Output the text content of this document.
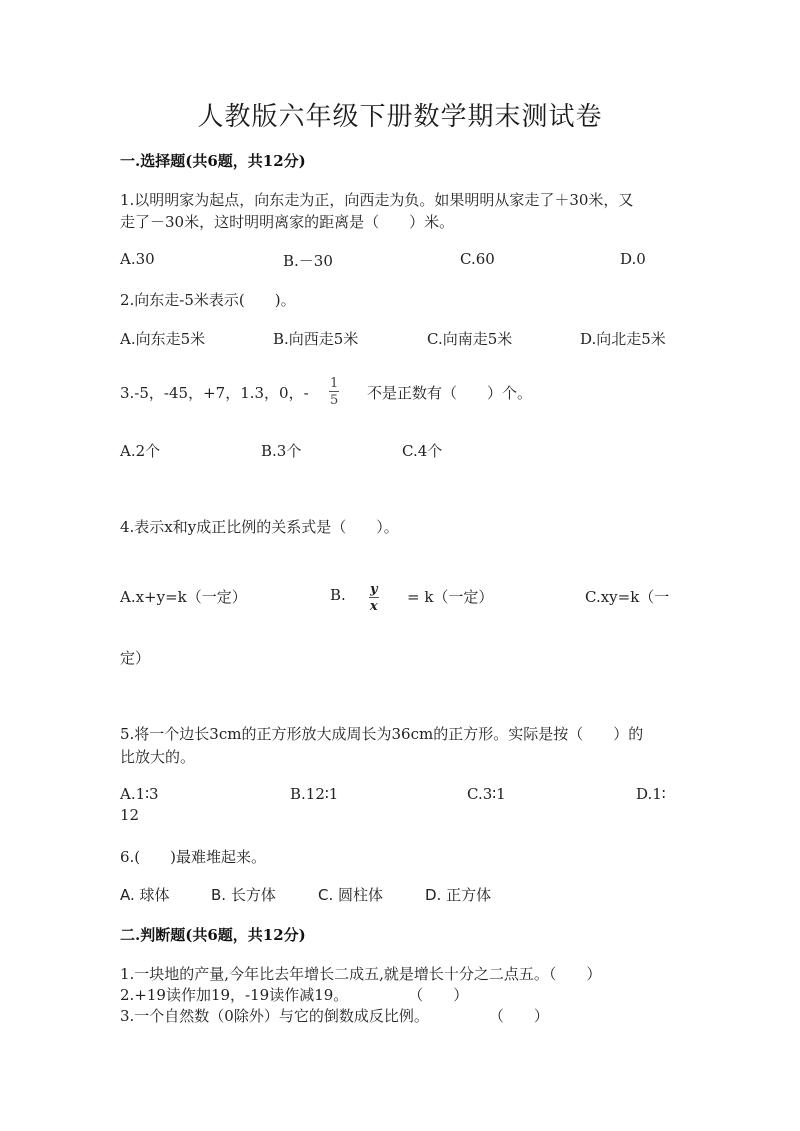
人教版六年级下册数学期末测试卷
一.选择题(共6题，共12分)
1.以明明家为起点，向东走为正，向西走为负。如果明明从家走了＋30米，又
走了－30米，这时明明离家的距离是（　　）米。
A.30	B.－30	C.60	D.0
2.向东走-5米表示(　　)。
A.向东走5米	B.向西走5米	C.向南走5米	D.向北走5米
3.-5，-45，+7，1.3，0，- $\frac{1}{5}$ 不是正数有（　　）个。
A.2个	B.3个	C.4个
4.表示x和y成正比例的关系式是（　　）。
A.x+y=k（一定）	B. $\frac{y}{x} = k$（一定）	C.xy=k（一
定）
5.将一个边长3cm的正方形放大成周长为36cm的正方形。实际是按（　　）的
比放大的。
A.1∶3	B.12∶1	C.3∶1	D.1∶
12
6.(　　)最难堆起来。
A. 球体	B. 长方体	C. 圆柱体	D. 正方体
二.判断题(共6题，共12分)
1.一块地的产量,今年比去年增长二成五,就是增长十分之二点五。（　　）
2.+19读作加19，-19读作减19。　　　　　（　　）
3.一个自然数（0除外）与它的倒数成反比例。　　　　　（　　）
